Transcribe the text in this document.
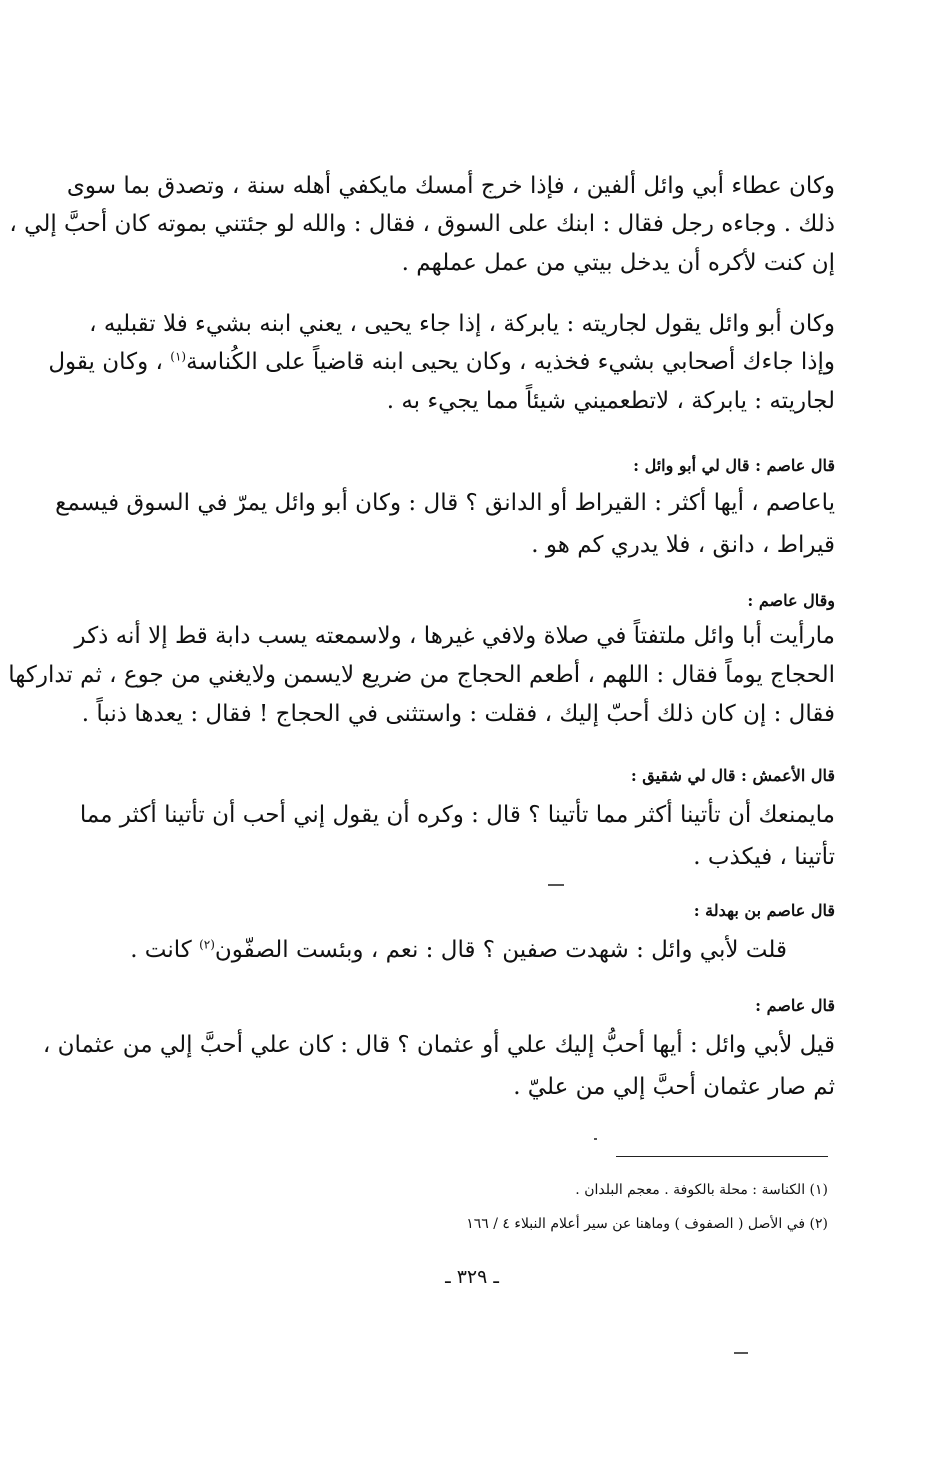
وكان عطاء أبي وائل ألفين ، فإذا خرج أمسك مايكفي أهله سنة ، وتصدق بما سوى
ذلك . وجاءه رجل فقال : ابنك على السوق ، فقال : والله لو جئتني بموته كان أحبَّ إلي ،
إن كنت لأكره أن يدخل بيتي من عمل عملهم .
وكان أبو وائل يقول لجاريته : يابركة ، إذا جاء يحيى ، يعني ابنه بشيء فلا تقبليه ،
وإذا جاءك أصحابي بشيء فخذيه ، وكان يحيى ابنه قاضياً على الكُناسة$^{(١)}$ ، وكان يقول
لجاريته : يابركة ، لاتطعميني شيئاً مما يجيء به .
قال عاصم : قال لي أبو وائل :
ياعاصم ، أيها أكثر : القيراط أو الدانق ؟ قال : وكان أبو وائل يمرّ في السوق فيسمع
قيراط ، دانق ، فلا يدري كم هو .
وقال عاصم :
مارأيت أبا وائل ملتفتاً في صلاة ولافي غيرها ، ولاسمعته يسب دابة قط إلا أنه ذكر
الحجاج يوماً فقال : اللهم ، أطعم الحجاج من ضريع لايسمن ولايغني من جوع ، ثم تداركها
فقال : إن كان ذلك أحبّ إليك ، فقلت : واستثنى في الحجاج ! فقال : يعدها ذنباً .
قال الأعمش : قال لي شقيق :
مايمنعك أن تأتينا أكثر مما تأتينا ؟ قال : وكره أن يقول إني أحب أن تأتينا أكثر مما
تأتينا ، فيكذب .
قال عاصم بن بهدلة :
قلت لأبي وائل : شهدت صفين ؟ قال : نعم ، وبئست الصفّون$^{(٢)}$ كانت .
قال عاصم :
قيل لأبي وائل : أيها أحبُّ إليك علي أو عثمان ؟ قال : كان علي أحبَّ إلي من عثمان ،
ثم صار عثمان أحبَّ إلي من عليّ .
(١) الكناسة : محلة بالكوفة . معجم البلدان .
(٢) في الأصل ( الصفوف ) وماهنا عن سير أعلام النبلاء ٤ / ١٦٦
ـ ٣٢٩ ـ
